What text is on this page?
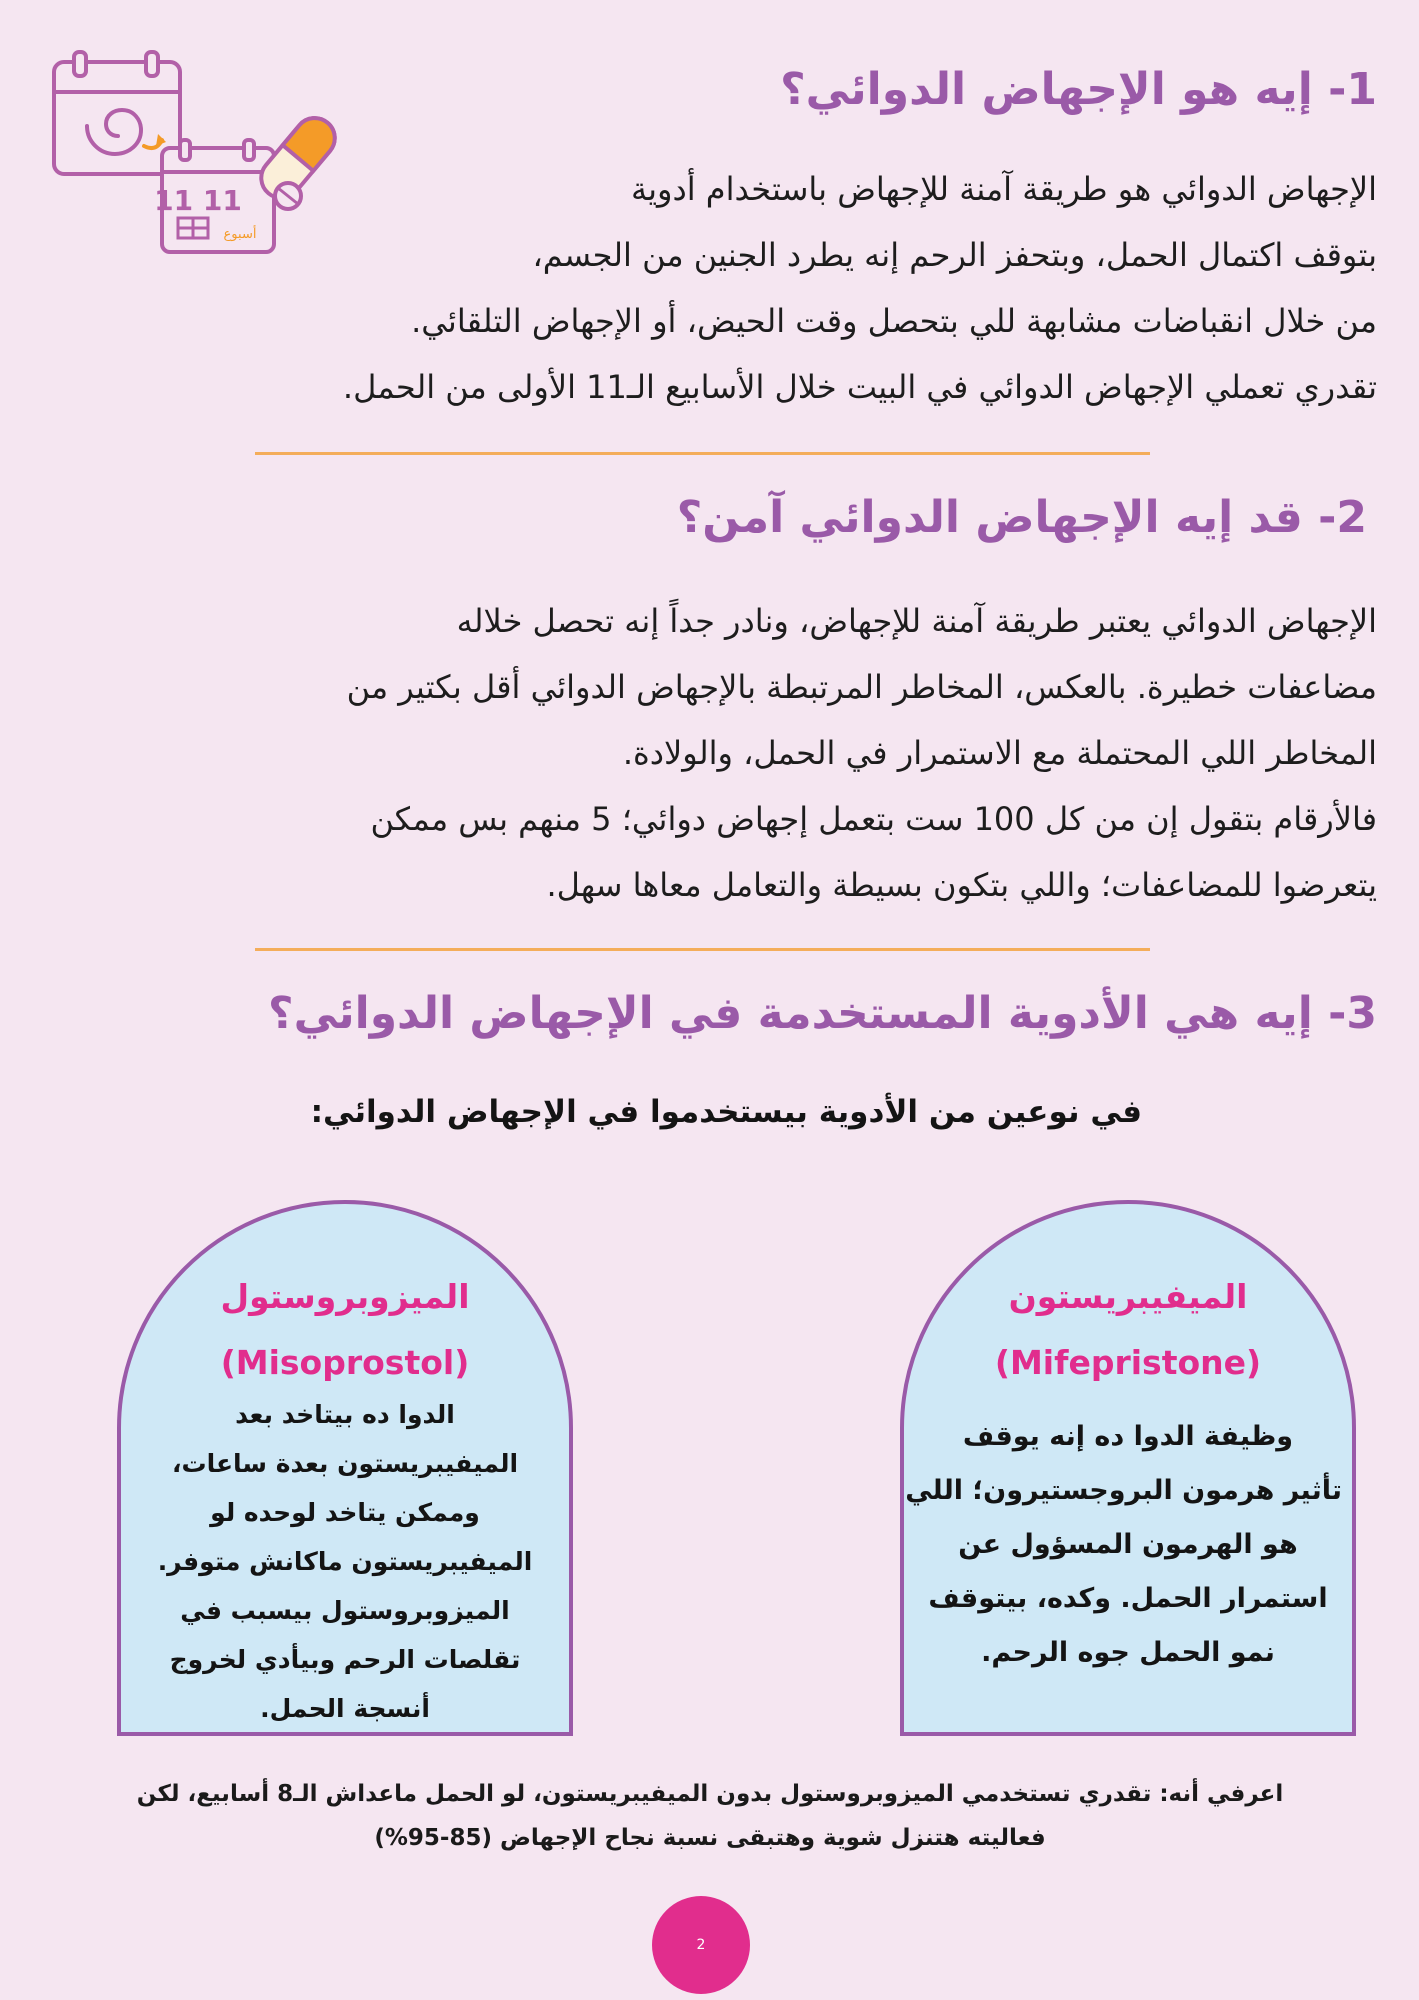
11 11
أسبوع
1- إيه هو الإجهاض الدوائي؟
الإجهاض الدوائي هو طريقة آمنة للإجهاض باستخدام أدوية
بتوقف اكتمال الحمل، وبتحفز الرحم إنه يطرد الجنين من الجسم،
من خلال انقباضات مشابهة للي بتحصل وقت الحيض، أو الإجهاض التلقائي.
تقدري تعملي الإجهاض الدوائي في البيت خلال الأسابيع الـ11 الأولى من الحمل.
2- قد إيه الإجهاض الدوائي آمن؟
الإجهاض الدوائي يعتبر طريقة آمنة للإجهاض، ونادر جداً إنه تحصل خلاله
مضاعفات خطيرة. بالعكس، المخاطر المرتبطة بالإجهاض الدوائي أقل بكتير من
المخاطر اللي المحتملة مع الاستمرار في الحمل، والولادة.
فالأرقام بتقول إن من كل 100 ست بتعمل إجهاض دوائي؛ 5 منهم بس ممكن
يتعرضوا للمضاعفات؛ واللي بتكون بسيطة والتعامل معاها سهل.
3- إيه هي الأدوية المستخدمة في الإجهاض الدوائي؟

في نوعين من الأدوية بيستخدموا في الإجهاض الدوائي:

الميفيبريستون
(Mifepristone)
وظيفة الدوا ده إنه يوقف
تأثير هرمون البروجستيرون؛ اللي
هو الهرمون المسؤول عن
استمرار الحمل. وكده، بيتوقف
نمو الحمل جوه الرحم.
الميزوبروستول
(Misoprostol)
الدوا ده بيتاخد بعد
الميفيبريستون بعدة ساعات،
وممكن يتاخد لوحده لو
الميفيبريستون ماكانش متوفر.
الميزوبروستول بيسبب في
تقلصات الرحم وبيأدي لخروج
أنسجة الحمل.
اعرفي أنه: تقدري تستخدمي الميزوبروستول بدون الميفيبريستون، لو الحمل ماعداش الـ8 أسابيع، لكن
فعاليته هتنزل شوية وهتبقى نسبة نجاح الإجهاض (85-95%)
2
